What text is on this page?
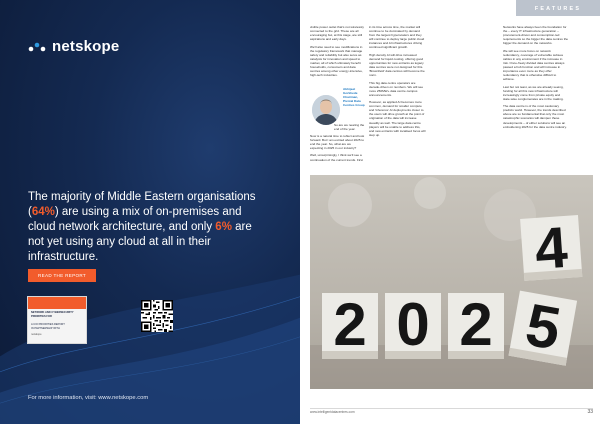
netskope
The majority of Middle Eastern organisations (64%) are using a mix of on-premises and cloud network architecture, and only 6% are not yet using any cloud at all in their infrastructure.
READ THE REPORT
NETWORK AND CYBERSECURITY
PRIORITIES FOR
A CIO PRIORITIES REPORT
IN PARTNERSHIP WITH
netskope
For more information, visit: www.netskope.com
FEATURES

visible power outlet that's not wirelessly connected to the grid. These are all encouraging but, at this stage, are still aspirations and early days.

We'll also need to see modifications in the regulatory framework that manage safety and reliability but also serve as catalysts for innovation and speed to market, all of which ultimately benefit households, consumers and data centres among other energy-intensive, high-tech industries.

So are we nearing the end of the year.

Now is a natural time to reflect and look forward. But I am excited about 2025 to end the year. So, what are we expecting in 2025 in our industry?

Well, unsurprisingly, I think we'll see a continuation of the current trends. First

Abhijeet
Gorkhede
Chairman,
Pivotal Data
Centres Group

in its time across time, the market will continue to be dominated by demand from the largest hyperscalers and they will continue to deploy large public cloud instances and AI infrastructures driving continued significant growth.

High density AI will drive increased demand for liquid cooling, offering good opportunities for new entrants as legacy data centres were not designed for this. 'Brownfield' data centres will become the norm.

This big data centre operators are decade-driven on numbers. We will see more 250MW+ data centre campus announcements.

However, as applied AI becomes more common, demand for smaller compute and 'inference' AI deployments closer to the users will drive growth at the point of origination of the data will increase steadily as well. The large data centre players will be unable to address this, and new entrants with localised focus will step up.

Networks have always been the foundation for the – every IT infrastructure generation – procurement-driven and consumption-led requirements so the bigger the data centres the bigger the demand on the networks.

We will see more focus on network redundancy, coverage of vulnerable subsea cables in any environment if the increase in risk. Once-freely divided data centres always passed a hub function and will increase in importance even more as they offer redundancy that is otherwise difficult to achieve.

Last but not least, as we are already seeing, funding for all this new infrastructure will increasingly come from private equity and state-wise conglomerates are in the making.

The data centre is of the most cautionary predicts world. However, the trends described above are so fundamental that only the most catastrophic scenarios will dampen these developments – of either solutions will see an emboldening 2025 for the data centre industry.

2 0 2 5
4
www.intelligentdatacentres.com	33
